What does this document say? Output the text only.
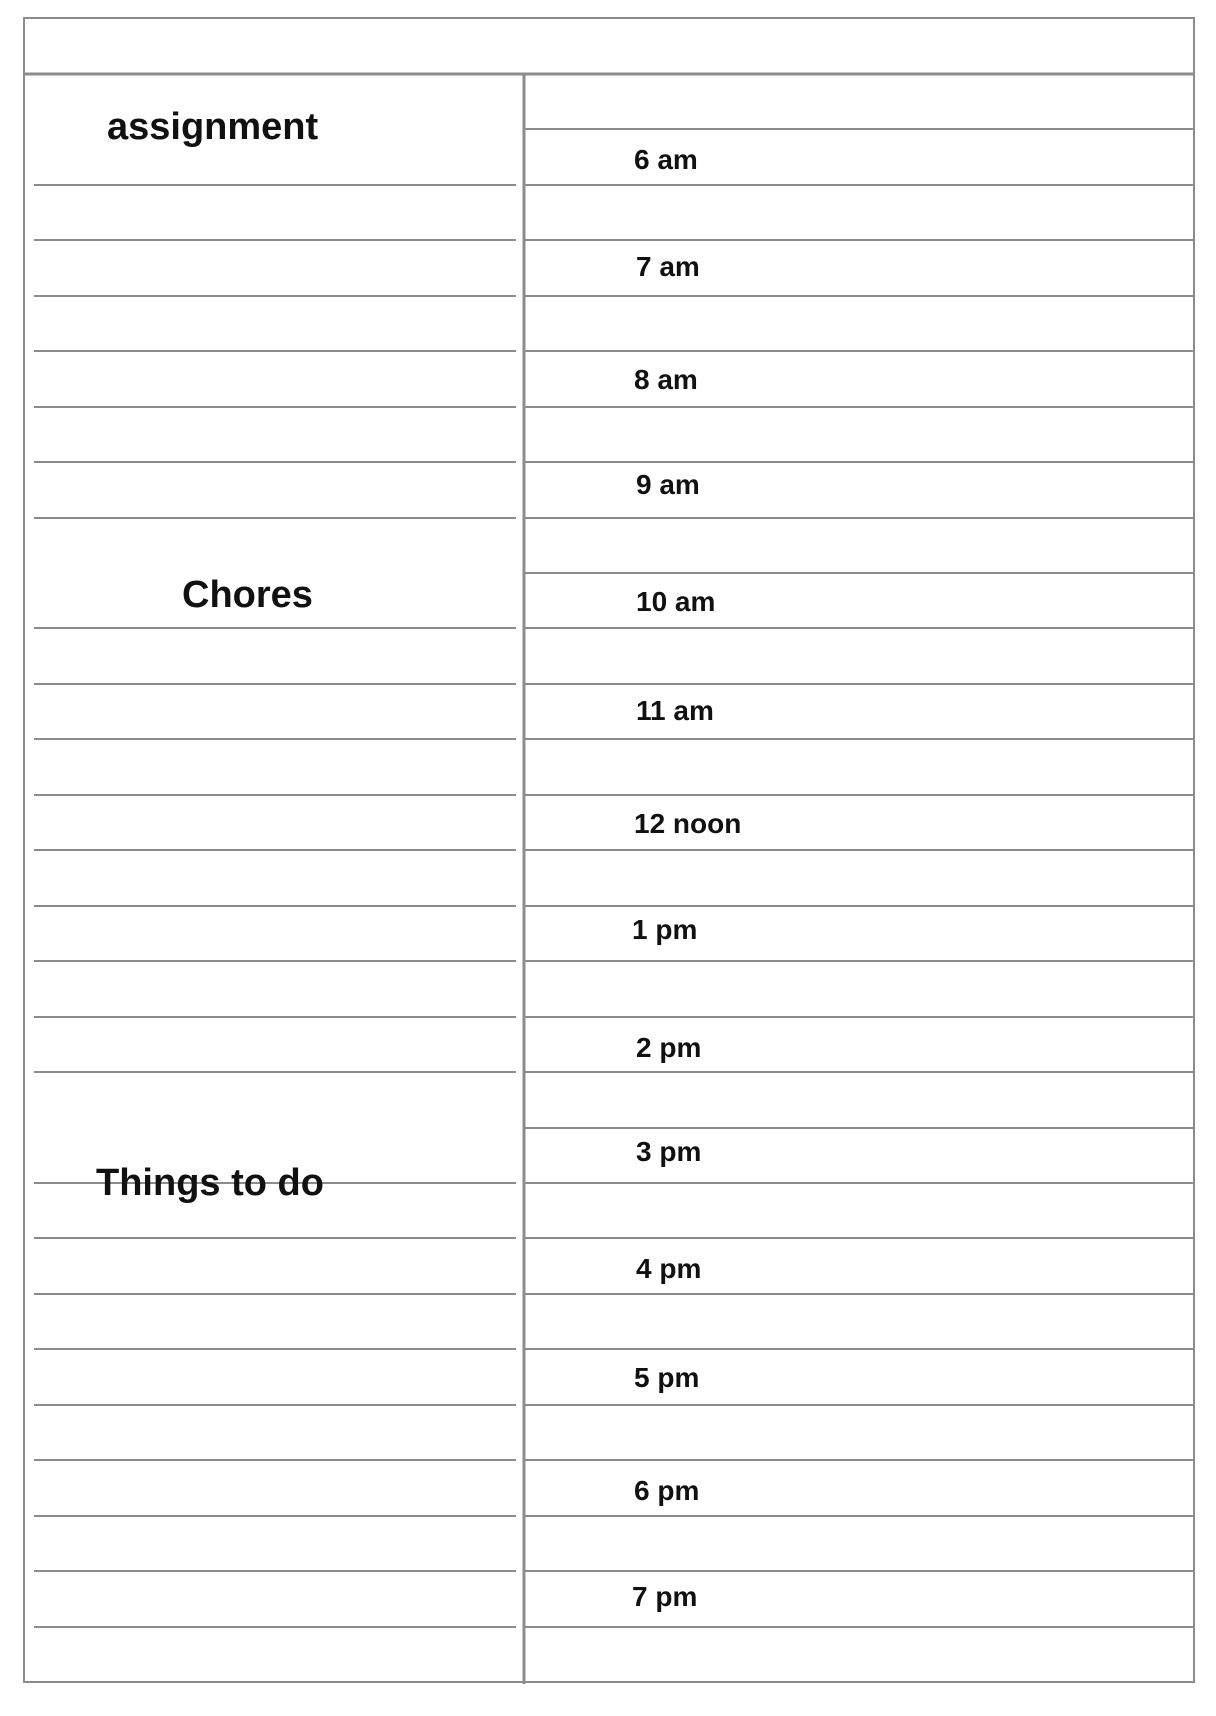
assignment
Chores
Things to do
6 am
7 am
8 am
9 am
10 am
11 am
12 noon
1 pm
2 pm
3 pm
4 pm
5 pm
6 pm
7 pm
